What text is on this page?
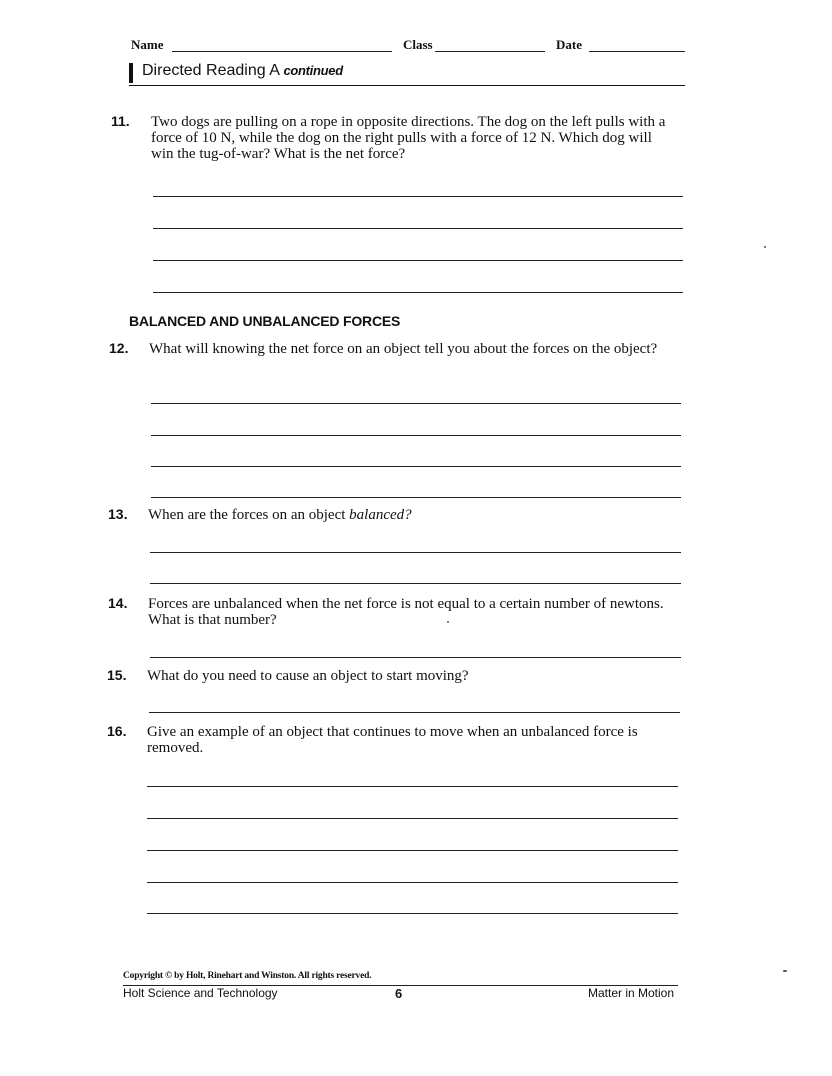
Name	Class	Date
Directed Reading A continued
11. Two dogs are pulling on a rope in opposite directions. The dog on the left pulls with a force of 10 N, while the dog on the right pulls with a force of 12 N. Which dog will win the tug-of-war? What is the net force?
BALANCED AND UNBALANCED FORCES
12. What will knowing the net force on an object tell you about the forces on the object?
13. When are the forces on an object balanced?
14. Forces are unbalanced when the net force is not equal to a certain number of newtons. What is that number?
15. What do you need to cause an object to start moving?
16. Give an example of an object that continues to move when an unbalanced force is removed.
Copyright © by Holt, Rinehart and Winston. All rights reserved.
Holt Science and Technology	6	Matter in Motion
